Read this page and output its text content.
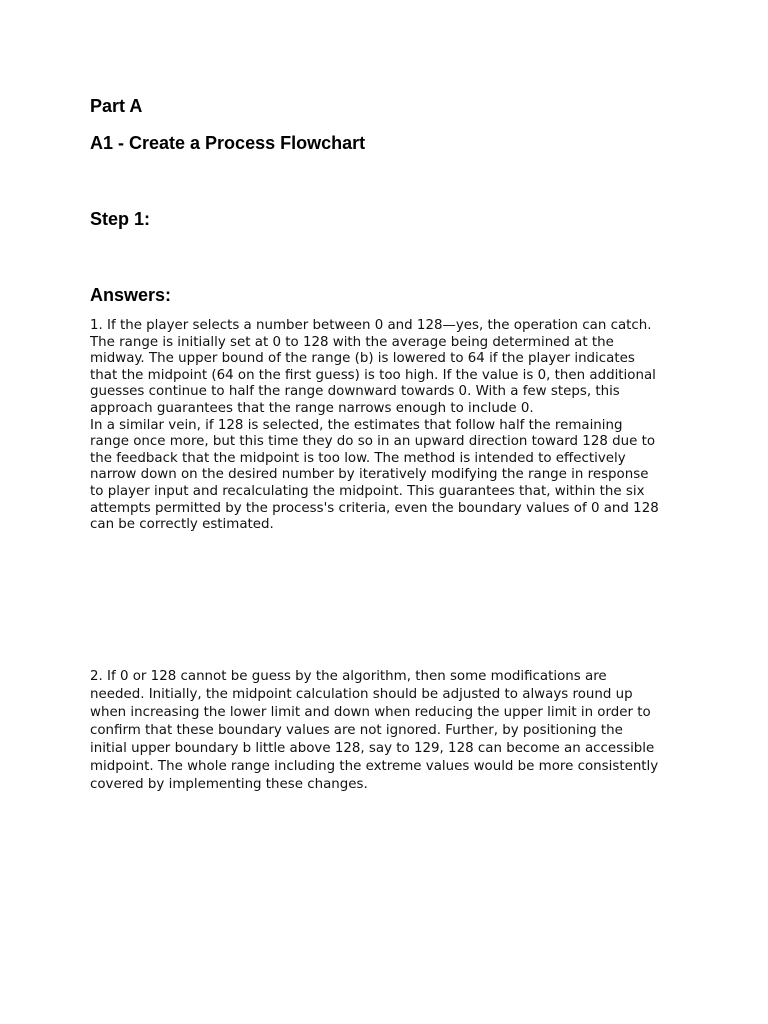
Part A
A1 - Create a Process Flowchart
Step 1:
Answers:

1. If the player selects a number between 0 and 128—yes, the operation can catch.
The range is initially set at 0 to 128 with the average being determined at the
midway. The upper bound of the range (b) is lowered to 64 if the player indicates
that the midpoint (64 on the first guess) is too high. If the value is 0, then additional
guesses continue to half the range downward towards 0. With a few steps, this
approach guarantees that the range narrows enough to include 0.

In a similar vein, if 128 is selected, the estimates that follow half the remaining
range once more, but this time they do so in an upward direction toward 128 due to
the feedback that the midpoint is too low. The method is intended to effectively
narrow down on the desired number by iteratively modifying the range in response
to player input and recalculating the midpoint. This guarantees that, within the six
attempts permitted by the process's criteria, even the boundary values of 0 and 128
can be correctly estimated.

2. If 0 or 128 cannot be guess by the algorithm, then some modifications are
needed. Initially, the midpoint calculation should be adjusted to always round up
when increasing the lower limit and down when reducing the upper limit in order to
confirm that these boundary values are not ignored. Further, by positioning the
initial upper boundary b little above 128, say to 129, 128 can become an accessible
midpoint. The whole range including the extreme values would be more consistently
covered by implementing these changes.
